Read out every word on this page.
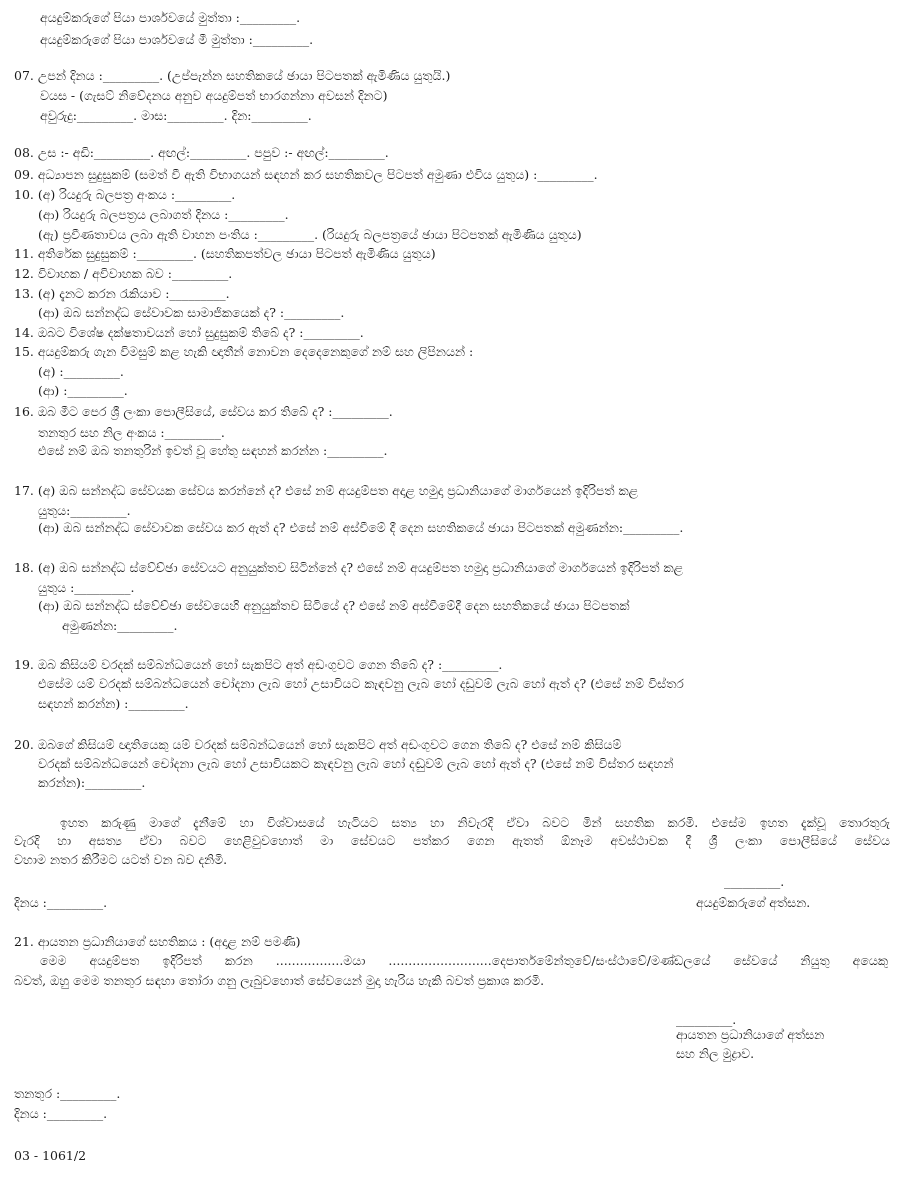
අයදුම්කරුගේ පියා පාර්ශවයේ මුත්තා :_________.
අයදුම්කරුගේ පියා පාර්ශවයේ මී මුත්තා :_________.
07. උපන් දිනය :_________. (උප්පැන්න සහතිකයේ ඡායා පිටපතක් ඇමිණිය යුතුයි.)
වයස - (ගැසට් නිවේදනය අනුව අයදුම්පත් භාරගන්නා අවසන් දිනට)
අවුරුදු:_________. මාස:_________. දින:_________.
08. උස :- අඩි:_________. අඟල්:_________. පපුව :- අඟල්:_________.
09. අධ්‍යාපන සුදුසුකම් (සමත් වී ඇති විභාගයන් සඳහන් කර සහතිකවල පිටපත් අමුණා එවිය යුතුය) :_________.
10. (අ) රියදුරු බලපත්‍ර අංකය :_________.
(ආ) රියදුරු බලපත්‍රය ලබාගත් දිනය :_________.
(ඇ) ප්‍රවීණතාවය ලබා ඇති වාහන පංතිය :_________. (රියදුරු බලපත්‍රයේ ඡායා පිටපතක් ඇමිණිය යුතුය)
11. අතිරේක සුදුසුකම් :_________. (සහතිකපත්වල ඡායා පිටපත් ඇමිණිය යුතුය)
12. විවාහක / අවිවාහක බව :_________.
13. (අ) දැනට කරන රැකියාව :_________.
(ආ) ඔබ සන්නද්ධ සේවාවක සාමාජිකයෙක් ද? :_________.
14. ඔබට විශේෂ දක්ෂතාවයන් හෝ සුදුසුකම් තිබේ ද? :_________.
15. අයදුම්කරු ගැන විමසුම් කළ හැකි ඥාතීන් නොවන දෙදෙනෙකුගේ නම් සහ ලිපිනයන් :
(අ) :_________.
(ආ) :_________.
16. ඔබ මීට පෙර ශ්‍රී ලංකා පොලීසියේ, සේවය කර තිබේ ද? :_________.
තනතුර සහ නිල අංකය :_________.
එසේ නම් ඔබ තනතුරින් ඉවත් වූ හේතු සඳහන් කරන්න :_________.
17. (අ) ඔබ සන්නද්ධ සේවයක සේවය කරන්නේ ද? එසේ නම් අයදුම්පත අදාළ හමුදා ප්‍රධානියාගේ මාර්ගයෙන් ඉදිරිපත් කළ
යුතුය:_________.
(ආ) ඔබ සන්නද්ධ සේවාවක සේවය කර ඇත් ද? එසේ නම් අස්වීමේ දී දෙන සහතිකයේ ඡායා පිටපතක් අමුණන්න:_________.
18. (අ) ඔබ සන්නද්ධ ස්වේච්ඡා සේවයට අනුයුක්තව සිටින්නේ ද? එසේ නම් අයදුම්පත හමුදා ප්‍රධානියාගේ මාර්ගයෙන් ඉදිරිපත් කළ
යුතුය :_________.
(ආ) ඔබ සන්නද්ධ ස්වේච්ඡා සේවයෙහි අනුයුක්තව සිටියේ ද? එසේ නම් අස්වීමේදී දෙන සහතිකයේ ඡායා පිටපතක්
අමුණන්න:_________.
19. ඔබ කිසියම් වරදක් සම්බන්ධයෙන් හෝ සැකපිට අත් අඩංගුවට ගෙන තිබේ ද? :_________.
එසේම යම් වරදක් සම්බන්ධයෙන් චෝදනා ලැබ හෝ උසාවියට කැඳවනු ලැබ හෝ දඩුවම් ලැබ හෝ ඇත් ද? (එසේ නම් විස්තර
සඳහන් කරන්න) :_________.
20. ඔබගේ කිසියම් ඥාතියෙකු යම් වරදක් සම්බන්ධයෙන් හෝ සැකපිට අත් අඩංගුවට ගෙන තිබේ ද? එසේ නම් කිසියම්
වරදක් සම්බන්ධයෙන් චෝදනා ලැබ හෝ උසාවියකට කැඳවනු ලැබ හෝ දඬුවම් ලැබ හෝ ඇත් ද? (එසේ නම් විස්තර සඳහන්
කරන්න):_________.
ඉහත කරුණු මාගේ දැනීමේ හා විශ්වාසයේ හැටියට සත්‍ය හා නිවැරදි ඒවා බවට මින් සහතික කරමි. එසේම ඉහත දැක්වූ තොරතුරු
වැරදි හා අසත්‍ය ඒවා බවට හෙළිවුවහොත් මා සේවයට පත්කර ගෙන ඇතත් ඕනෑම අවස්ථාවක දී ශ්‍රී ලංකා පොලීසියේ සේවය
වහාම නතර කිරීමට යටත් වන බව දනිමි.
_________.
දිනය :_________.	අයදුම්කරුගේ අත්සන.
21. ආයතන ප්‍රධානියාගේ සහතිකය : (අදාළ නම් පමණි)
මෙම අයදුම්පත ඉදිරිපත් කරන .................මයා ..........................දෙපාර්තමේන්තුවේ/සංස්ථාවේ/මණ්ඩලයේ සේවයේ නියුතු අයෙකු
බවත්, ඔහු මෙම තනතුර සඳහා තෝරා ගනු ලැබුවහොත් සේවයෙන් මුදා හැරිය හැකි බවත් ප්‍රකාශ කරමි.
_________.
ආයතන ප්‍රධානියාගේ අත්සන
සහ නිල මුද්‍රාව.
තනතුර :_________.
දිනය :_________.
03 - 1061/2
